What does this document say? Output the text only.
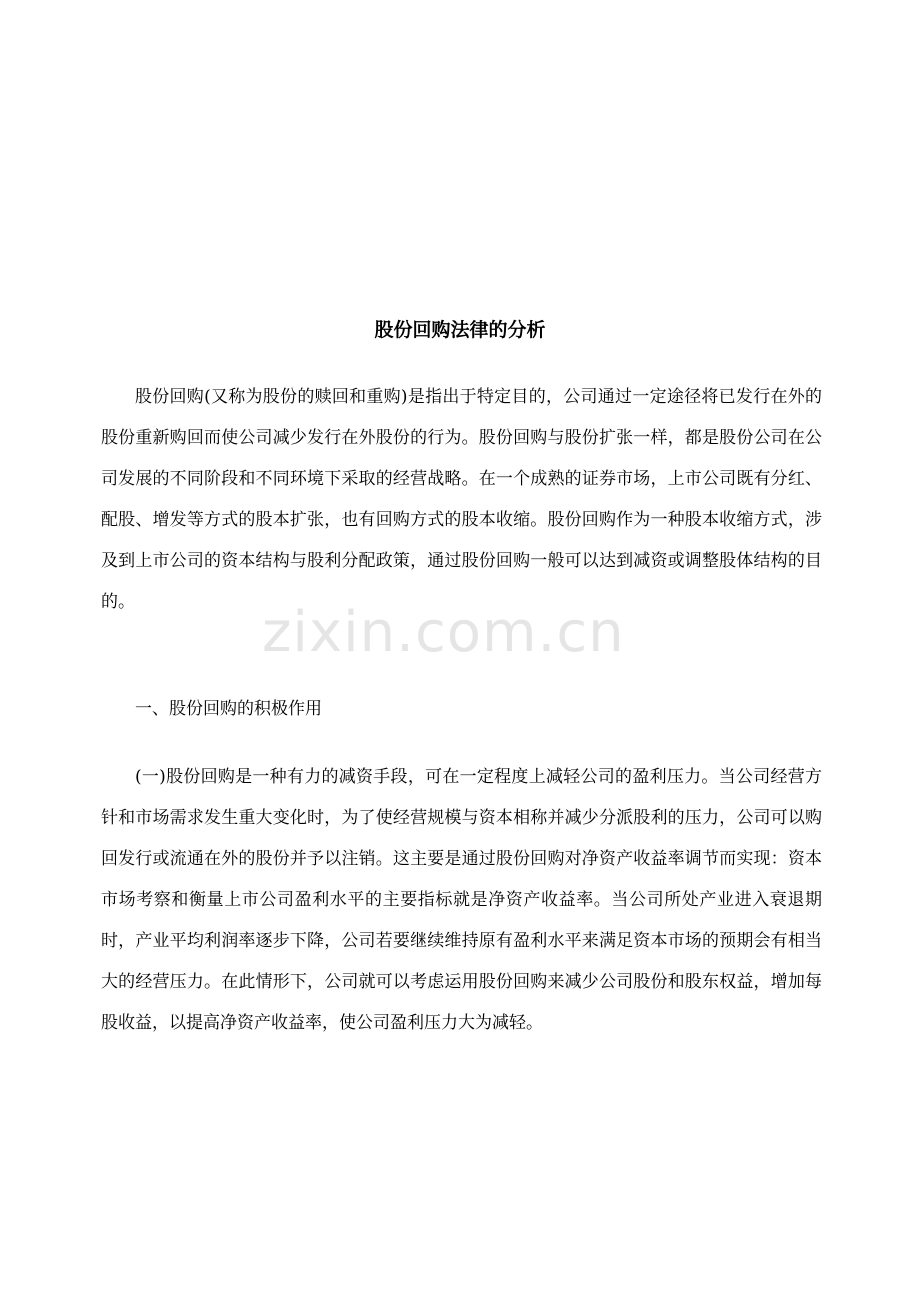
股份回购法律的分析

股份回购(又称为股份的赎回和重购)是指出于特定目的，公司通过一定途径将已发行在外的股份重新购回而使公司减少发行在外股份的行为。股份回购与股份扩张一样，都是股份公司在公司发展的不同阶段和不同环境下采取的经营战略。在一个成熟的证券市场，上市公司既有分红、配股、增发等方式的股本扩张，也有回购方式的股本收缩。股份回购作为一种股本收缩方式，涉及到上市公司的资本结构与股利分配政策，通过股份回购一般可以达到减资或调整股体结构的目的。

一、股份回购的积极作用

(一)股份回购是一种有力的减资手段，可在一定程度上减轻公司的盈利压力。当公司经营方针和市场需求发生重大变化时，为了使经营规模与资本相称并减少分派股利的压力，公司可以购回发行或流通在外的股份并予以注销。这主要是通过股份回购对净资产收益率调节而实现：资本市场考察和衡量上市公司盈利水平的主要指标就是净资产收益率。当公司所处产业进入衰退期时，产业平均利润率逐步下降，公司若要继续维持原有盈利水平来满足资本市场的预期会有相当大的经营压力。在此情形下，公司就可以考虑运用股份回购来减少公司股份和股东权益，增加每股收益，以提高净资产收益率，使公司盈利压力大为减轻。

zixin.com.cn
